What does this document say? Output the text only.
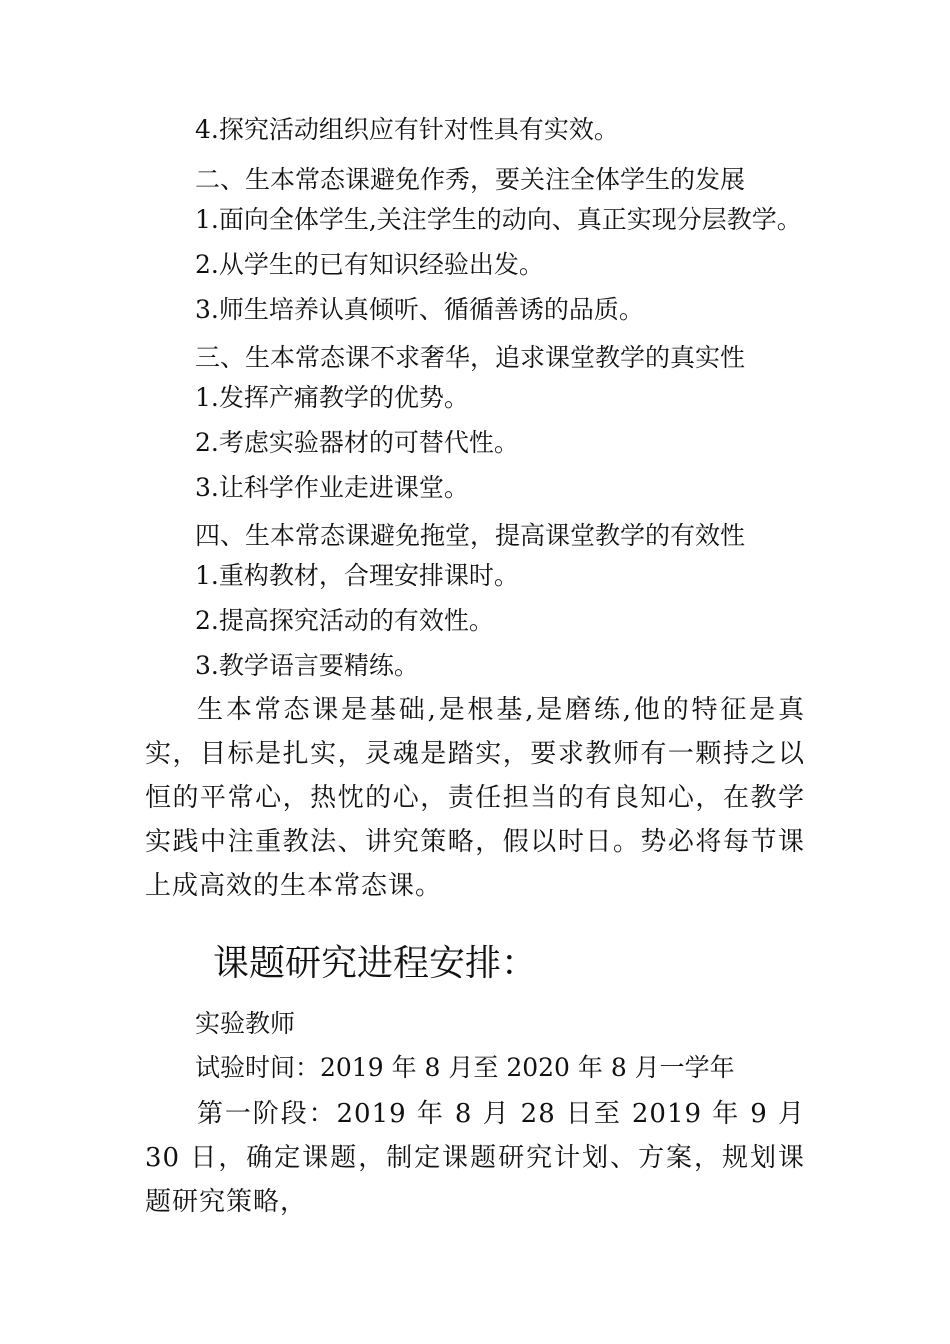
4.探究活动组织应有针对性具有实效。
二、生本常态课避免作秀，要关注全体学生的发展
1.面向全体学生,关注学生的动向、真正实现分层教学。
2.从学生的已有知识经验出发。
3.师生培养认真倾听、循循善诱的品质。
三、生本常态课不求奢华，追求课堂教学的真实性
1.发挥产痛教学的优势。
2.考虑实验器材的可替代性。
3.让科学作业走进课堂。
四、生本常态课避免拖堂，提高课堂教学的有效性
1.重构教材，合理安排课时。
2.提高探究活动的有效性。
3.教学语言要精练。
生本常态课是基础,是根基,是磨练,他的特征是真实，目标是扎实，灵魂是踏实，要求教师有一颗持之以恒的平常心，热忱的心，责任担当的有良知心，在教学实践中注重教法、讲究策略，假以时日。势必将每节课上成高效的生本常态课。
课题研究进程安排：
实验教师
试验时间：2019 年 8 月至 2020 年 8 月一学年
第一阶段：2019 年 8 月 28 日至 2019 年 9 月 30 日，确定课题，制定课题研究计划、方案，规划课题研究策略，
